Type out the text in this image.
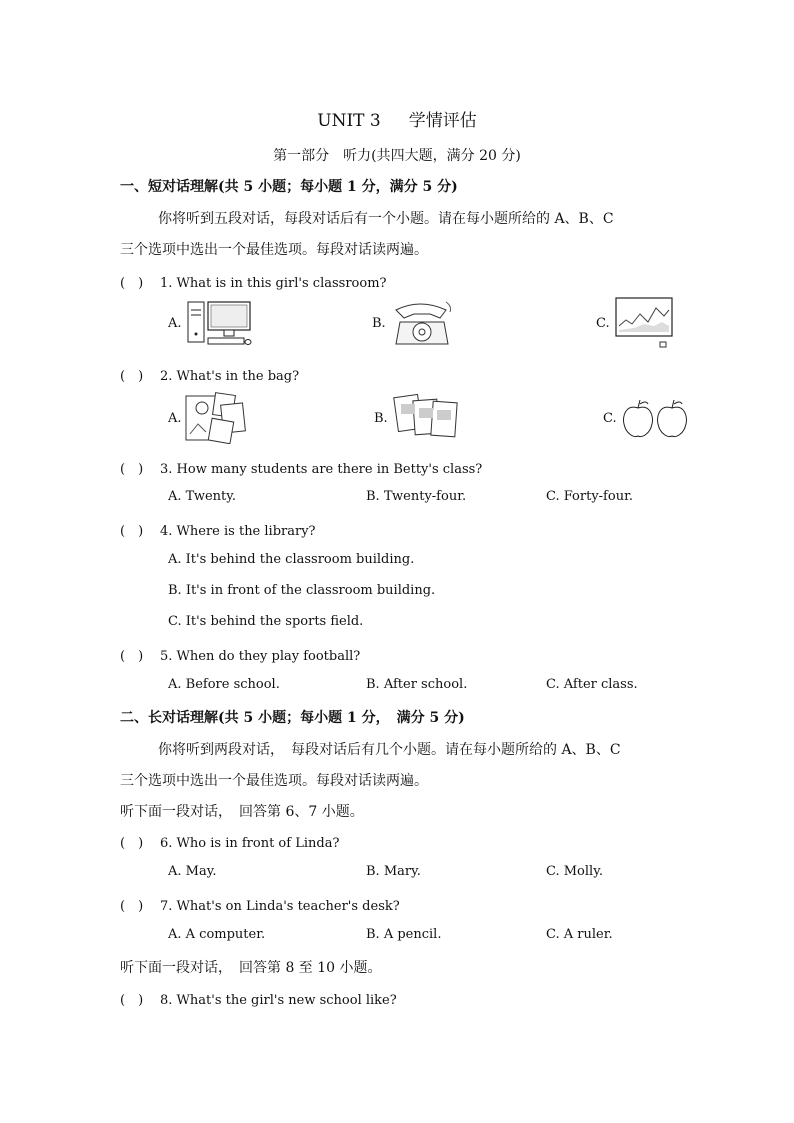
UNIT 3 学情评估
第一部分　听力(共四大题，满分 20 分)
一、短对话理解(共 5 小题；每小题 1 分，满分 5 分)
你将听到五段对话，每段对话后有一个小题。请在每小题所给的 A、B、C
三个选项中选出一个最佳选项。每段对话读两遍。
(　) 1. What is in this girl's classroom?
A.	B.	C.
(　) 2. What's in the bag?
A.	B.	C.
(　) 3. How many students are there in Betty's class?
A. Twenty.	B. Twenty-four.	C. Forty-four.
(　) 4. Where is the library?
A. It's behind the classroom building.
B. It's in front of the classroom building.
C. It's behind the sports field.
(　) 5. When do they play football?
A. Before school.	B. After school.	C. After class.
二、长对话理解(共 5 小题；每小题 1 分，　满分 5 分)
你将听到两段对话，　每段对话后有几个小题。请在每小题所给的 A、B、C
三个选项中选出一个最佳选项。每段对话读两遍。
听下面一段对话，　回答第 6、7 小题。
(　) 6. Who is in front of Linda?
A. May.	B. Mary.	C. Molly.
(　) 7. What's on Linda's teacher's desk?
A. A computer.	B. A pencil.	C. A ruler.
听下面一段对话，　回答第 8 至 10 小题。
(　) 8. What's the girl's new school like?
